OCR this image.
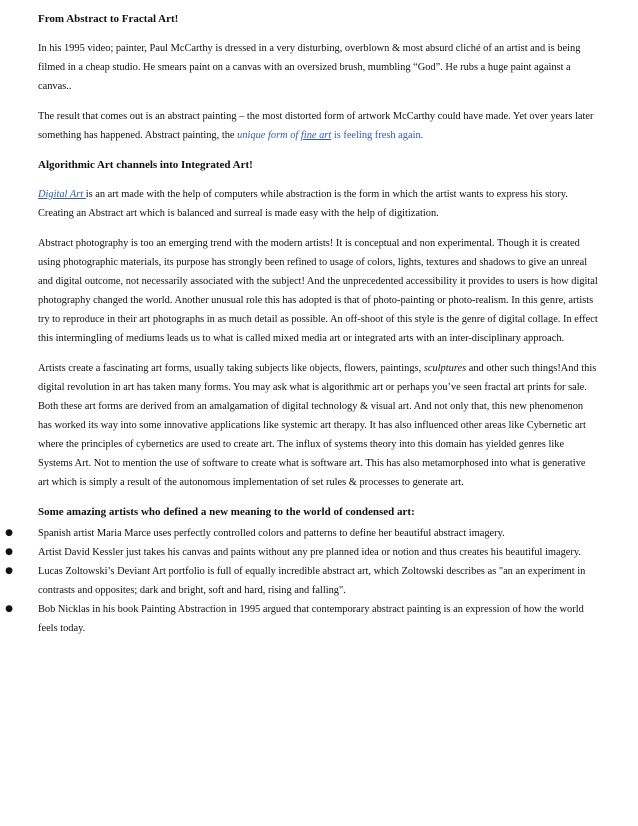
From Abstract to Fractal Art!

In his 1995 video; painter, Paul McCarthy is dressed in a very disturbing, overblown & most absurd cliché of an artist and is being filmed in a cheap studio. He smears paint on a canvas with an oversized brush, mumbling “God”. He rubs a huge paint against a canvas..

The result that comes out is an abstract painting – the most distorted form of artwork McCarthy could have made. Yet over years later something has happened. Abstract painting, the unique form of fine art is feeling fresh again.

Algorithmic Art channels into Integrated Art!

Digital Art is an art made with the help of computers while abstraction is the form in which the artist wants to express his story. Creating an Abstract art which is balanced and surreal is made easy with the help of digitization.

Abstract photography is too an emerging trend with the modern artists! It is conceptual and non experimental. Though it is created using photographic materials, its purpose has strongly been refined to usage of colors, lights, textures and shadows to give an unreal and digital outcome, not necessarily associated with the subject! And the unprecedented accessibility it provides to users is how digital photography changed the world. Another unusual role this has adopted is that of photo-painting or photo-realism. In this genre, artists try to reproduce in their art photographs in as much detail as possible. An off-shoot of this style is the genre of digital collage. In effect this intermingling of mediums leads us to what is called mixed media art or integrated arts with an inter-disciplinary approach.

Artists create a fascinating art forms, usually taking subjects like objects, flowers, paintings, sculptures and other such things!And this digital revolution in art has taken many forms. You may ask what is algorithmic art or perhaps you’ve seen fractal art prints for sale. Both these art forms are derived from an amalgamation of digital technology & visual art. And not only that, this new phenomenon has worked its way into some innovative applications like systemic art therapy. It has also influenced other areas like Cybernetic art where the principles of cybernetics are used to create art. The influx of systems theory into this domain has yielded genres like Systems Art. Not to mention the use of software to create what is software art. This has also metamorphosed into what is generative art which is simply a result of the autonomous implementation of set rules & processes to generate art.

Some amazing artists who defined a new meaning to the world of condensed art:

● Spanish artist Maria Marce uses perfectly controlled colors and patterns to define her beautiful abstract imagery.
● Artist David Kessler just takes his canvas and paints without any pre planned idea or notion and thus creates his beautiful imagery.
● Lucas Zoltowski’s Deviant Art portfolio is full of equally incredible abstract art, which Zoltowski describes as "an an experiment in contrasts and opposites; dark and bright, soft and hard, rising and falling".
● Bob Nicklas in his book Painting Abstraction in 1995 argued that contemporary abstract painting is an expression of how the world feels today.
